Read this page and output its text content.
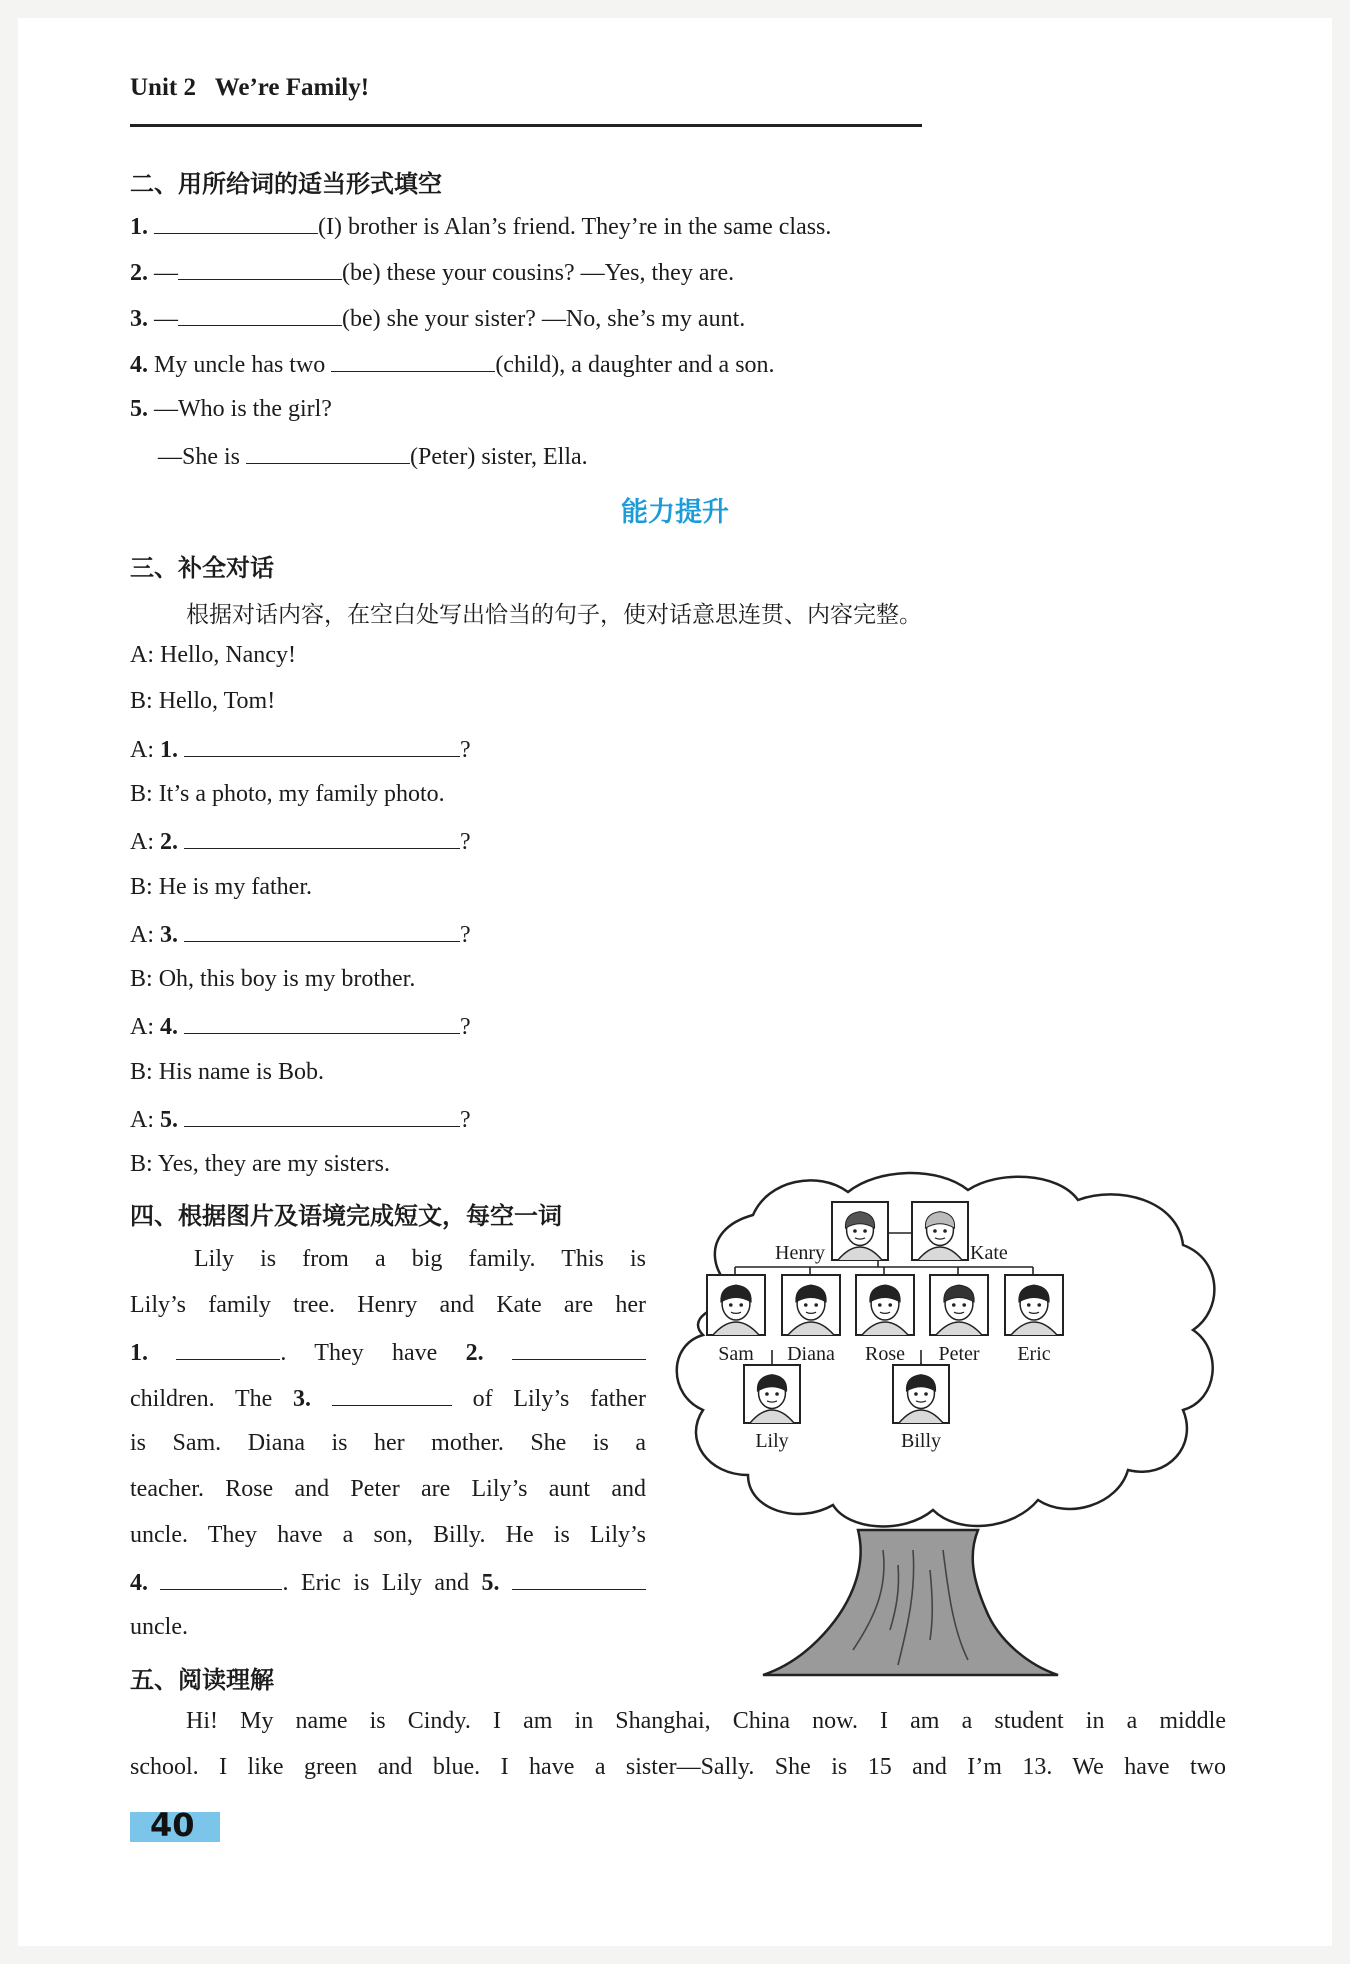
Unit 2 We’re Family!
二、用所给词的适当形式填空
1.	(I) brother is Alan’s friend. They’re in the same class.
2. —	(be) these your cousins? —Yes, they are.
3. —	(be) she your sister? —No, she’s my aunt.
4. My uncle has two	(child), a daughter and a son.
5. —Who is the girl?
—She is	(Peter) sister, Ella.
能力提升
三、补全对话
根据对话内容，在空白处写出恰当的句子，使对话意思连贯、内容完整。
A: Hello, Nancy!
B: Hello, Tom!
A: 1.	?
B: It’s a photo, my family photo.
A: 2.	?
B: He is my father.
A: 3.	?
B: Oh, this boy is my brother.
A: 4.	?
B: His name is Bob.
A: 5.	?
B: Yes, they are my sisters.
四、根据图片及语境完成短文，每空一词
Lily is from a big family. This is
Lily’s family tree. Henry and Kate are her
1.	. They have 2.
children. The 3.	of Lily’s father
is Sam. Diana is her mother. She is a
teacher. Rose and Peter are Lily’s aunt and
uncle. They have a son, Billy. He is Lily’s
4.	. Eric is Lily and 5.
uncle.
Henry	Kate
Sam Diana Rose Peter Eric
Lily	Billy
五、阅读理解
Hi! My name is Cindy. I am in Shanghai, China now. I am a student in a middle
school. I like green and blue. I have a sister—Sally. She is 15 and I’m 13. We have two
40
